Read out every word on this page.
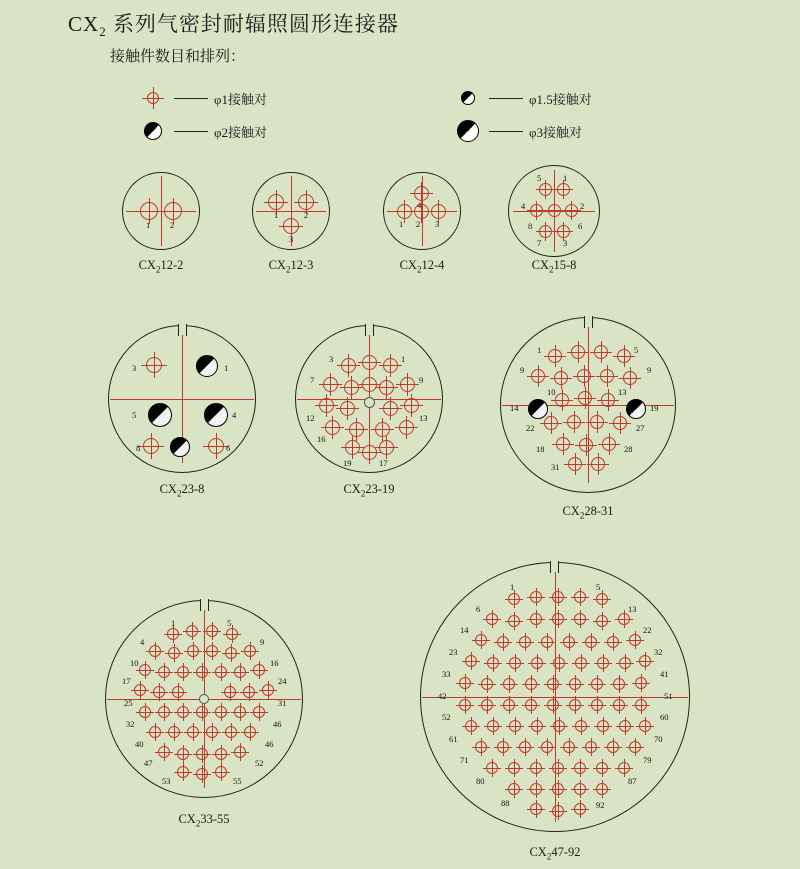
$CX_2$ 系列气密封耐辐照圆形连接器
接触件数目和排列：
φ1接触对	φ1.5接触对
φ2接触对	φ3接触对
1 2
$CX_212-2$
1	2
3
$CX_212-3$
4
1 2 3
$CX_212-4$
5	1
4	2
8	6
7	3
$CX_215-8$
3	1
5	4
8	6
$CX_223-8$
3	1
7	9
12	13
16
19	17
$CX_223-19$
1	5
9	9
10	13
14	19
22	27
18	28
31
$CX_228-31$
1	5
4	9
10	16
17	24
25	31
32	46
40	46
47	52
53	55
$CX_233-55$
1	5
6	13
14	22
23	32
33	41
42	51
52	60
61	70
71	79
80	87
88	92
$CX_247-92$
